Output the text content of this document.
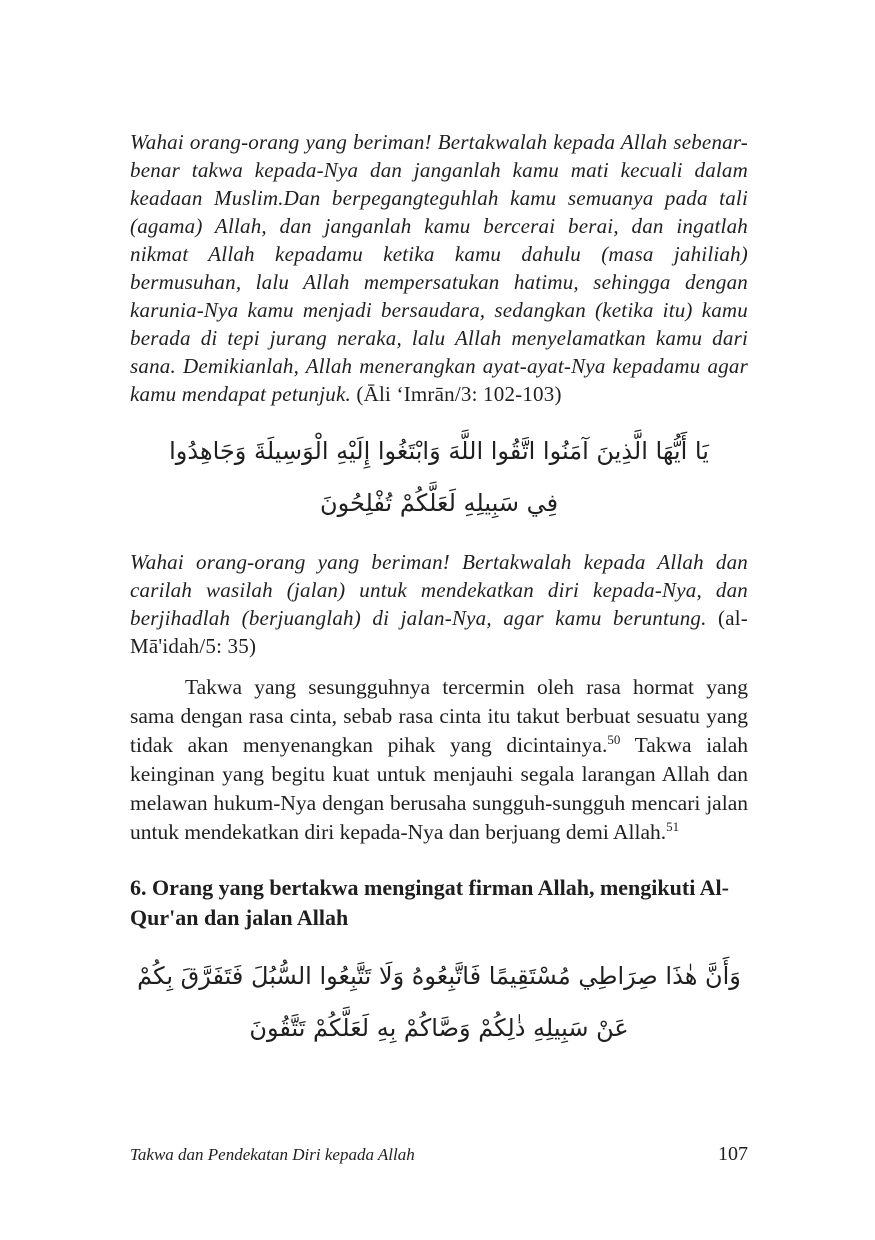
Wahai orang-orang yang beriman! Bertakwalah kepada Allah sebenar-benar takwa kepada-Nya dan janganlah kamu mati kecuali dalam keadaan Muslim.Dan berpegangteguhlah kamu semuanya pada tali (agama) Allah, dan janganlah kamu bercerai berai, dan ingatlah nikmat Allah kepadamu ketika kamu dahulu (masa jahiliah) bermusuhan, lalu Allah mempersatukan hatimu, sehingga dengan karunia-Nya kamu menjadi bersaudara, sedangkan (ketika itu) kamu berada di tepi jurang neraka, lalu Allah menyelamatkan kamu dari sana. Demikianlah, Allah menerangkan ayat-ayat-Nya kepadamu agar kamu mendapat petunjuk. (Āli ‘Imrān/3: 102-103)

يَا أَيُّهَا الَّذِينَ آمَنُوا اتَّقُوا اللَّهَ وَابْتَغُوا إِلَيْهِ الْوَسِيلَةَ وَجَاهِدُوا
فِي سَبِيلِهِ لَعَلَّكُمْ تُفْلِحُونَ

Wahai orang-orang yang beriman! Bertakwalah kepada Allah dan carilah wasilah (jalan) untuk mendekatkan diri kepada-Nya, dan berjihadlah (berjuanglah) di jalan-Nya, agar kamu beruntung. (al-Mā'idah/5: 35)

Takwa yang sesungguhnya tercermin oleh rasa hormat yang sama dengan rasa cinta, sebab rasa cinta itu takut berbuat sesuatu yang tidak akan menyenangkan pihak yang dicintainya.$^{50}$ Takwa ialah keinginan yang begitu kuat untuk menjauhi segala larangan Allah dan melawan hukum-Nya dengan berusaha sungguh-sungguh mencari jalan untuk mendekatkan diri kepada-Nya dan berjuang demi Allah.$^{51}$

6. Orang yang bertakwa mengingat firman Allah, mengikuti Al-Qur'an dan jalan Allah
وَأَنَّ هٰذَا صِرَاطِي مُسْتَقِيمًا فَاتَّبِعُوهُ وَلَا تَتَّبِعُوا السُّبُلَ فَتَفَرَّقَ بِكُمْ
عَنْ سَبِيلِهِ ذٰلِكُمْ وَصَّاكُمْ بِهِ لَعَلَّكُمْ تَتَّقُونَ
Takwa dan Pendekatan Diri kepada Allah	107
